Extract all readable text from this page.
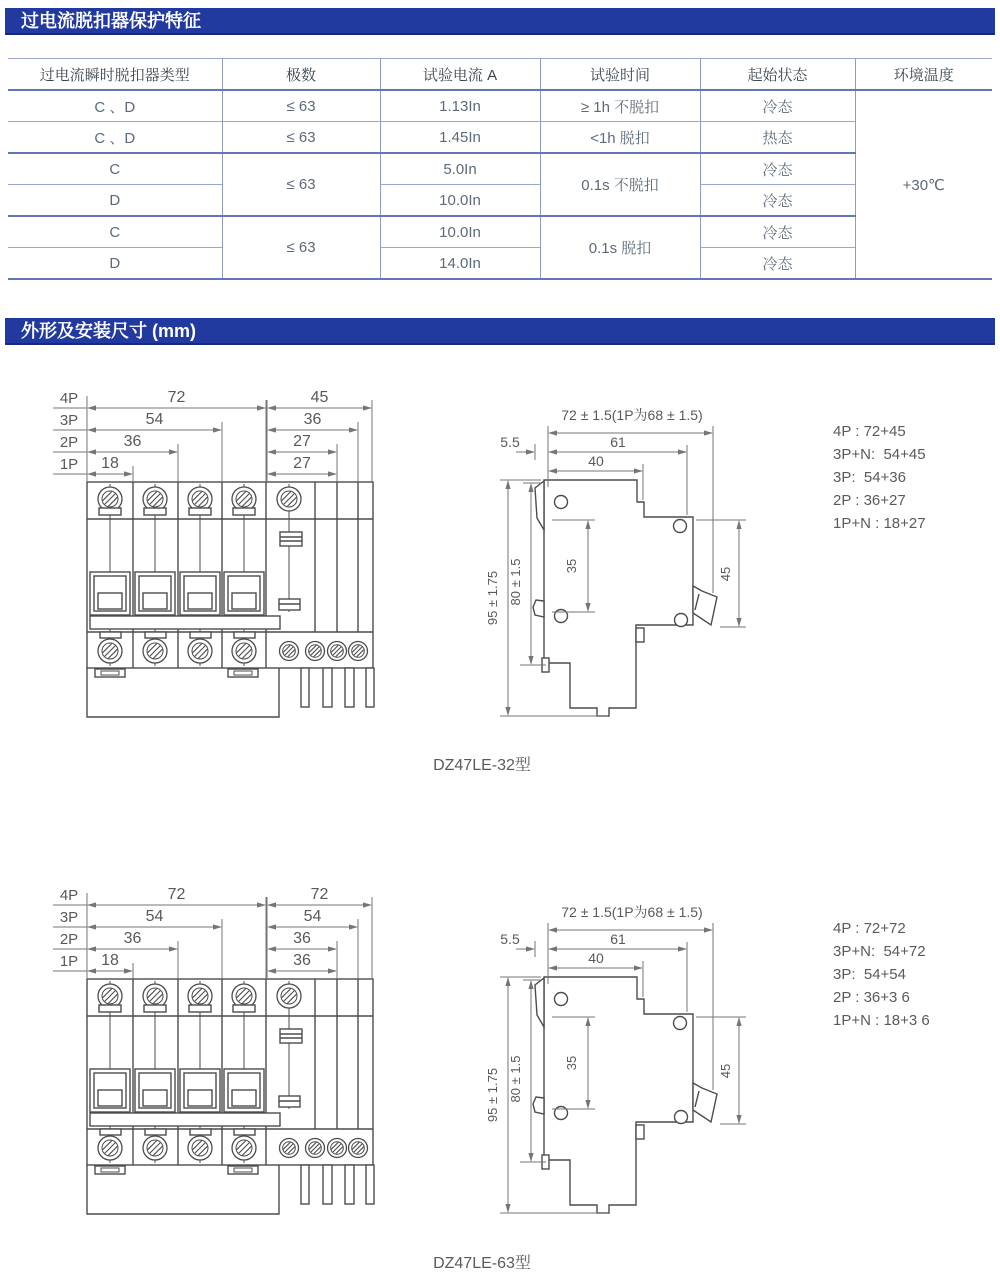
过电流脱扣器保护特征
过电流瞬时脱扣器类型	极数	试验电流 A	试验时间	起始状态	环境温度
C 、D	≤ 63	1.13In	≥ 1h 不脱扣	冷态	+30℃
C 、D	≤ 63	1.45In	<1h 脱扣	热态	
C	≤ 63	5.0In	0.1s 不脱扣	冷态	
D		10.0In		冷态	
C	≤ 63	10.0In	0.1s 脱扣	冷态	
D		14.0In		冷态	
外形及安装尺寸 (mm)
4P	72	45
3P	54	36
2P	36	27
1P 18	27
72 ± 1.5(1P为68 ± 1.5)
61
40
5.5
95 ± 1.75 80 ± 1.5	35
45
4P : 72+45
3P+N:  54+45
3P:  54+36
2P : 36+27
1P+N : 18+27
DZ47LE-32型
4P	72	72
3P	54	54
2P	36	36
1P 18	36
72 ± 1.5(1P为68 ± 1.5)
61
40
5.5
95 ± 1.75 80 ± 1.5	35
45
4P : 72+72
3P+N:  54+72
3P:  54+54
2P : 36+3 6
1P+N : 18+3 6
DZ47LE-63型
